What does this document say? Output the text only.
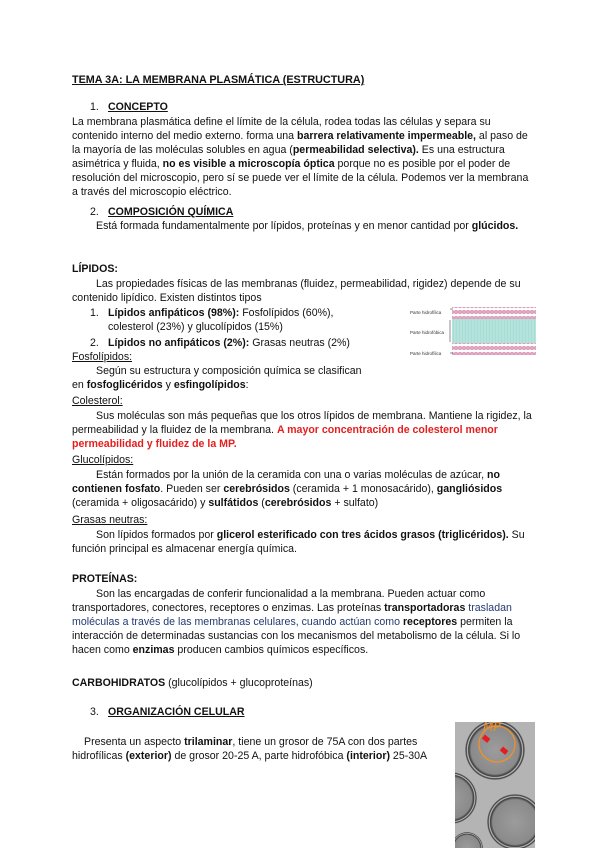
TEMA 3A: LA MEMBRANA PLASMÁTICA (ESTRUCTURA)

1. CONCEPTO

La membrana plasmática define el límite de la célula, rodea todas las células y separa su contenido interno del medio externo. forma una barrera relativamente impermeable, al paso de la mayoría de las moléculas solubles en agua (permeabilidad selectiva). Es una estructura asimétrica y fluida, no es visible a microscopía óptica porque no es posible por el poder de resolución del microscopio, pero sí se puede ver el límite de la célula. Podemos ver la membrana a través del microscopio eléctrico.

2. COMPOSICIÓN QUÍMICA

Está formada fundamentalmente por lípidos, proteínas y en menor cantidad por glúcidos.

LÍPIDOS:

Las propiedades físicas de las membranas (fluidez, permeabilidad, rigidez) depende de su contenido lipídico. Existen distintos tipos

1. Lípidos anfipáticos (98%): Fosfolípidos (60%),
colesterol (23%) y glucolípidos (15%)
2. Lípidos no anfipáticos (2%): Grasas neutras (2%)
Parte hidrofílica
Parte hidrofóbica
Parte hidrofílica

Fosfolípidos:

Según su estructura y composición química se clasifican en fosfoglicéridos y esfingolípidos:

Colesterol:

Sus moléculas son más pequeñas que los otros lípidos de membrana. Mantiene la rigidez, la permeabilidad y la fluidez de la membrana. A mayor concentración de colesterol menor permeabilidad y fluidez de la MP.

Glucolípidos:

Están formados por la unión de la ceramida con una o varias moléculas de azúcar, no contienen fosfato. Pueden ser cerebrósidos (ceramida + 1 monosacárido), gangliósidos (ceramida + oligosacárido) y sulfátidos (cerebrósidos + sulfato)

Grasas neutras:

Son lípidos formados por glicerol esterificado con tres ácidos grasos (triglicéridos). Su función principal es almacenar energía química.

PROTEÍNAS:

Son las encargadas de conferir funcionalidad a la membrana. Pueden actuar como transportadores, conectores, receptores o enzimas. Las proteínas transportadoras trasladan moléculas a través de las membranas celulares, cuando actúan como receptores permiten la interacción de determinadas sustancias con los mecanismos del metabolismo de la célula. Si lo hacen como enzimas producen cambios químicos específicos.

CARBOHIDRATOS (glucolípidos + glucoproteínas)

3. ORGANIZACIÓN CELULAR

Presenta un aspecto trilaminar, tiene un grosor de 75A con dos partes hidrofílicas (exterior) de grosor 20-25 A, parte hidrofóbica (interior) 25-30A

MP
